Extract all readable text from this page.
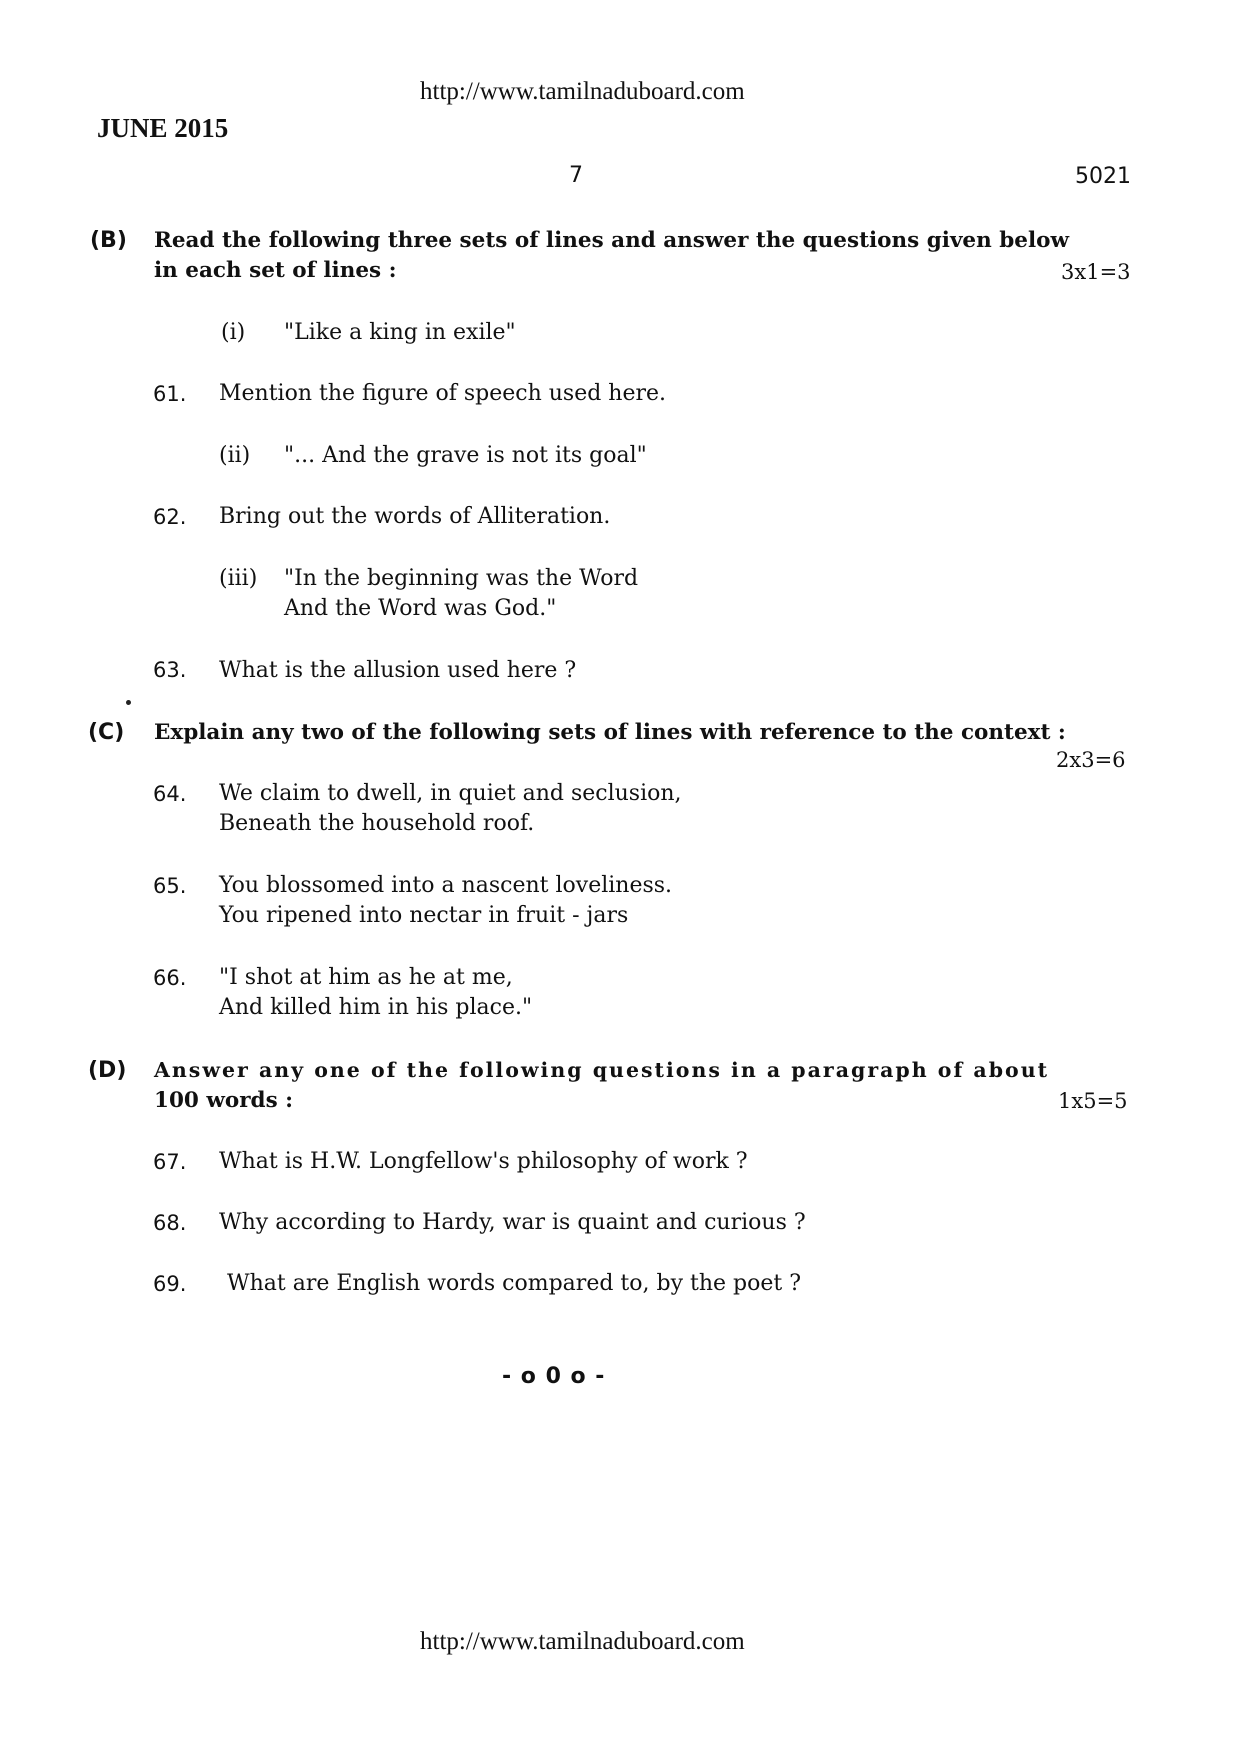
http://www.tamilnaduboard.com
JUNE 2015
7	5021
(B) Read the following three sets of lines and answer the questions given below
in each set of lines :	3x1=3
(i) "Like a king in exile"
61. Mention the figure of speech used here.
(ii) "... And the grave is not its goal"
62. Bring out the words of Alliteration.
(iii) "In the beginning was the Word
And the Word was God."
63. What is the allusion used here ?
(C) Explain any two of the following sets of lines with reference to the context :
2x3=6
64. We claim to dwell, in quiet and seclusion,
Beneath the household roof.
65. You blossomed into a nascent loveliness.
You ripened into nectar in fruit - jars
66. "I shot at him as he at me,
And killed him in his place."
(D) Answer any one of the following questions in a paragraph of about
100 words :	1x5=5
67. What is H.W. Longfellow's philosophy of work ?
68. Why according to Hardy, war is quaint and curious ?
69. What are English words compared to, by the poet ?
- o 0 o -
http://www.tamilnaduboard.com
